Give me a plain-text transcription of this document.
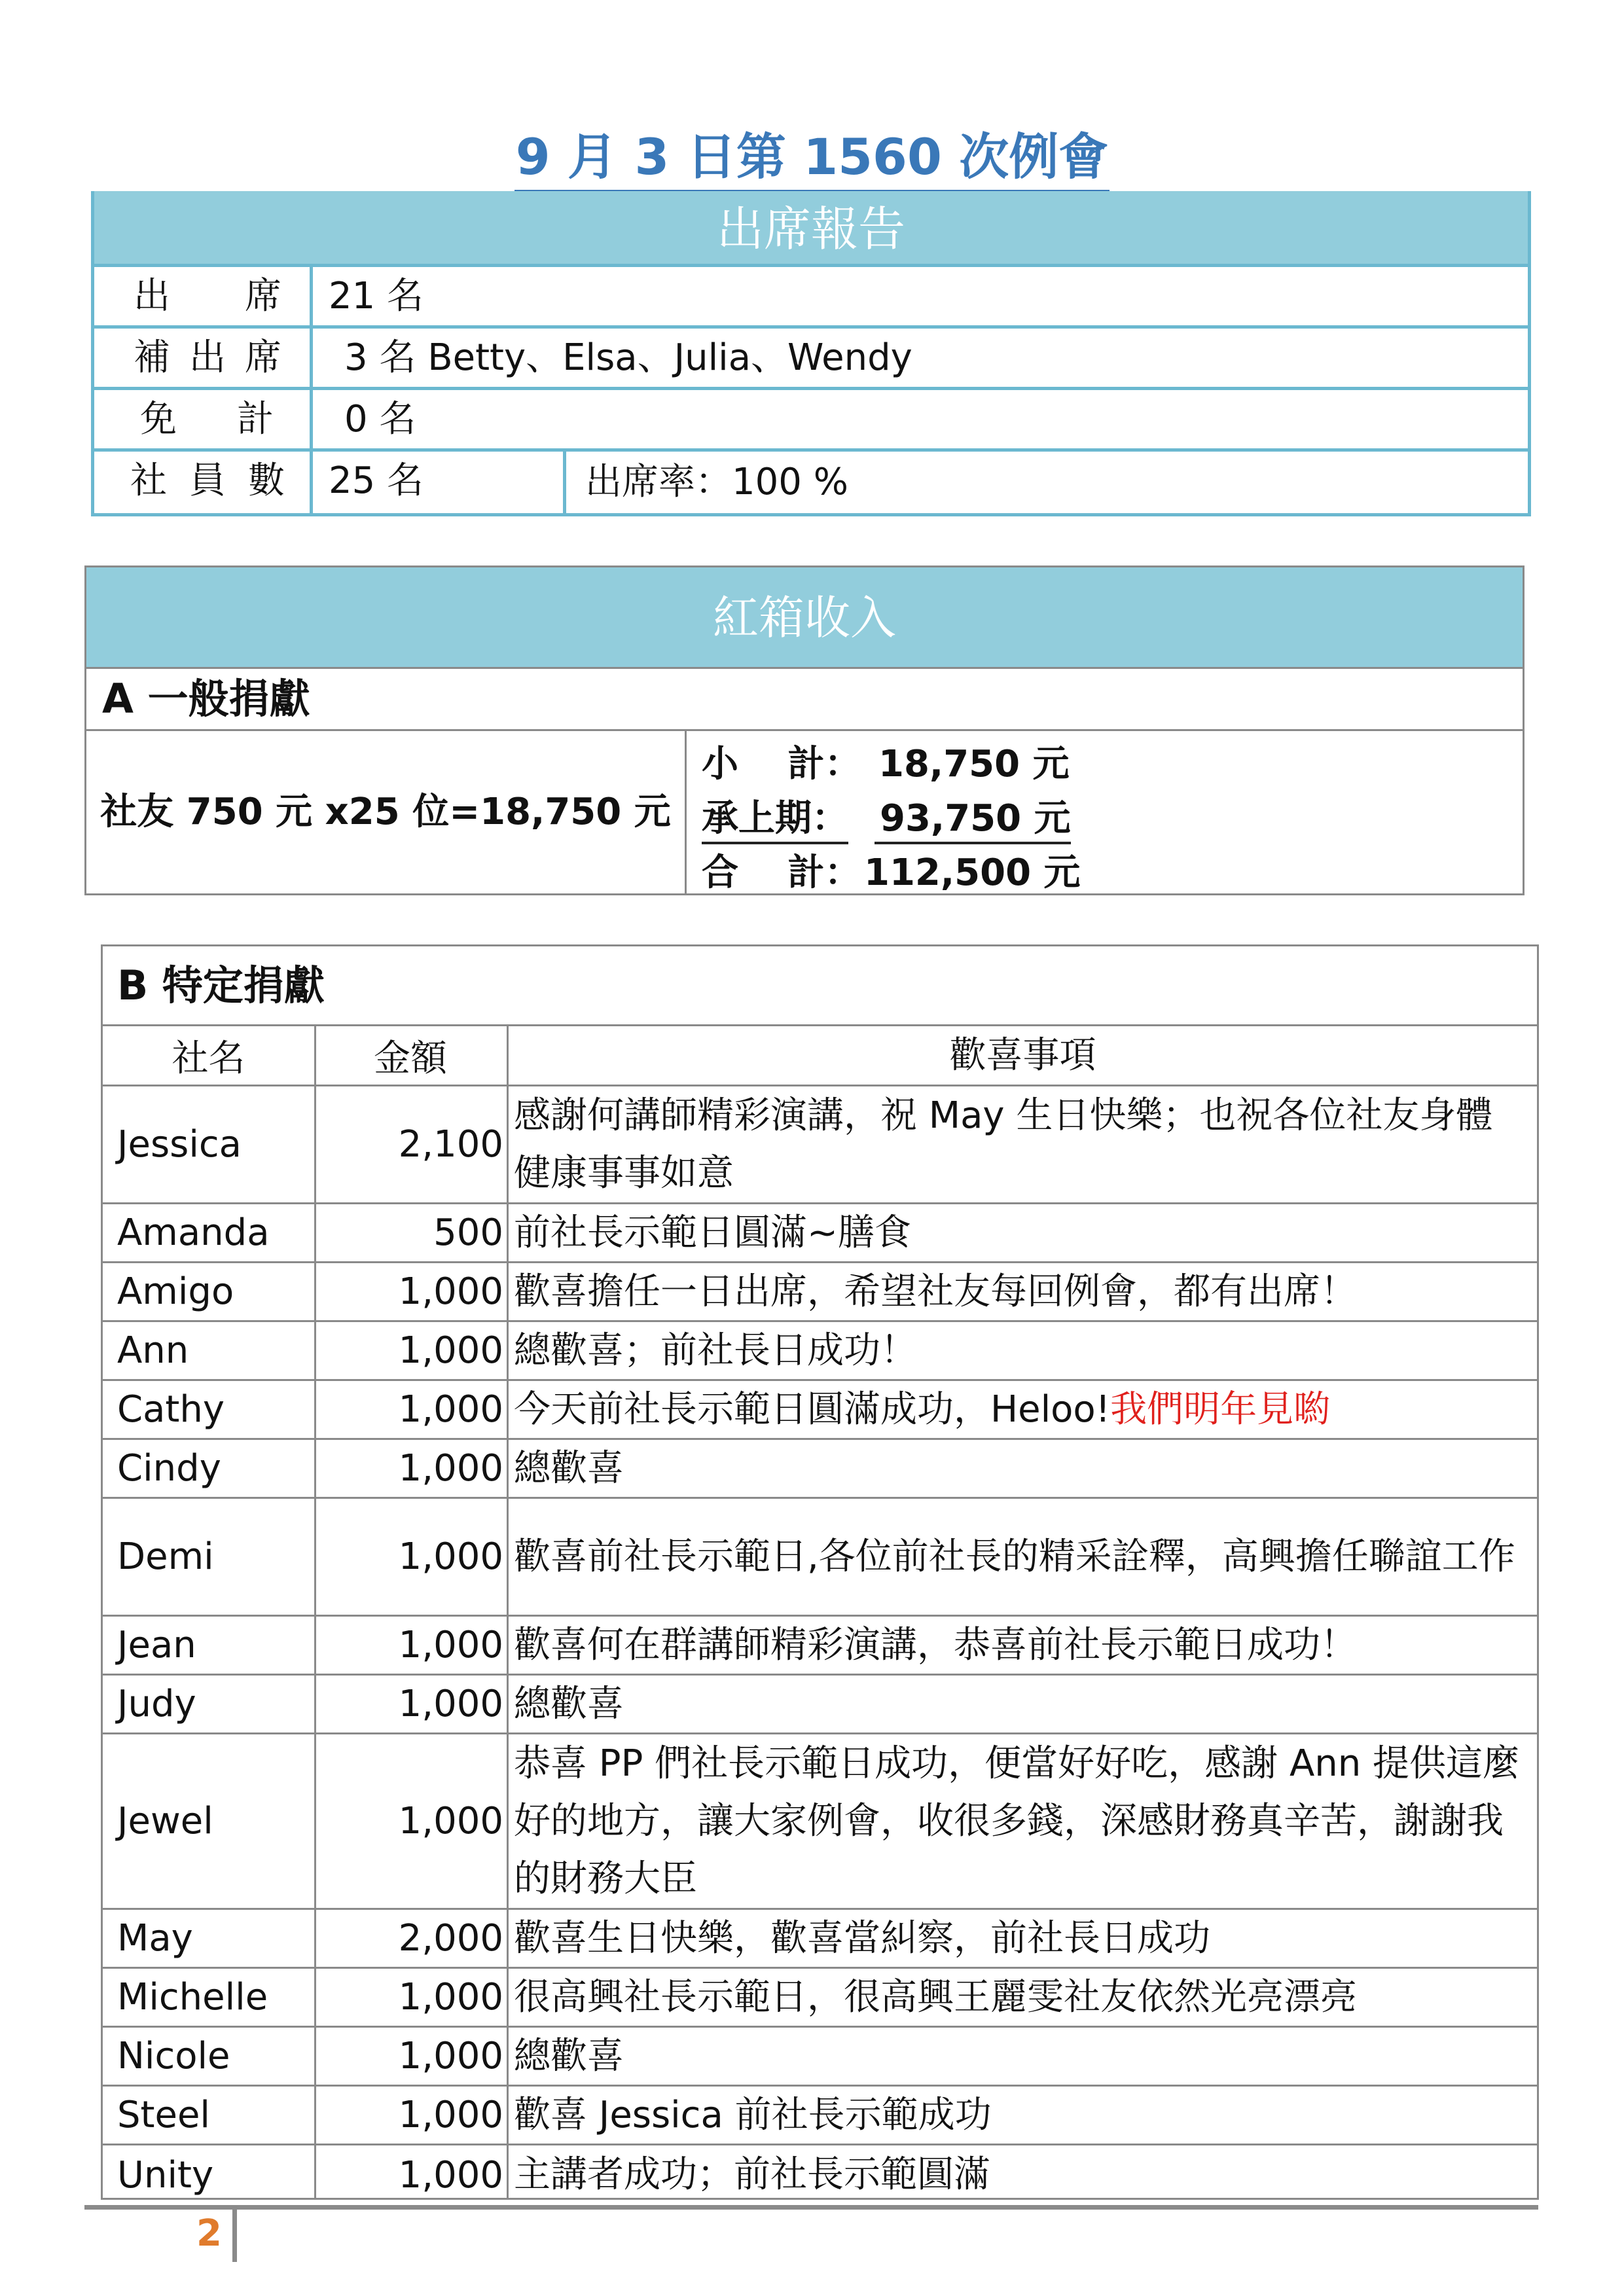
9 月 3 日第 1560 次例會
出席報告
出 席 21 名
補 出 席 3 名 Betty、Elsa、Julia、Wendy
免 計 0 名
社 員 數 25 名	出席率：100 %
紅箱收入
A 一般捐獻
社友 750 元 x25 位=18,750 元
小 計： 18,750 元
承上期： 93,750 元
合 計： 112,500 元
B 特定捐獻
社名	金額	歡喜事項
Jessica	2,100
感謝何講師精彩演講，祝 May 生日快樂；也祝各位社友身體健康事事如意
Amanda	500 前社長示範日圓滿~膳食
Amigo	1,000 歡喜擔任一日出席，希望社友每回例會，都有出席！
Ann	1,000 總歡喜；前社長日成功！
Cathy	1,000 今天前社長示範日圓滿成功，Heloo! 我們明年見喲
Cindy	1,000 總歡喜
Demi	1,000 歡喜前社長示範日,各位前社長的精采詮釋，高興擔任聯誼工作
Jean	1,000 歡喜何在群講師精彩演講，恭喜前社長示範日成功！
Judy	1,000 總歡喜
Jewel	1,000
恭喜 PP 們社長示範日成功，便當好好吃，感謝 Ann 提供這麼好的地方，讓大家例會，收很多錢，深感財務真辛苦，謝謝我的財務大臣
May	2,000 歡喜生日快樂，歡喜當糾察，前社長日成功
Michelle	1,000 很高興社長示範日，很高興王麗雯社友依然光亮漂亮
Nicole	1,000 總歡喜
Steel	1,000 歡喜 Jessica 前社長示範成功
Unity	1,000 主講者成功；前社長示範圓滿
2
